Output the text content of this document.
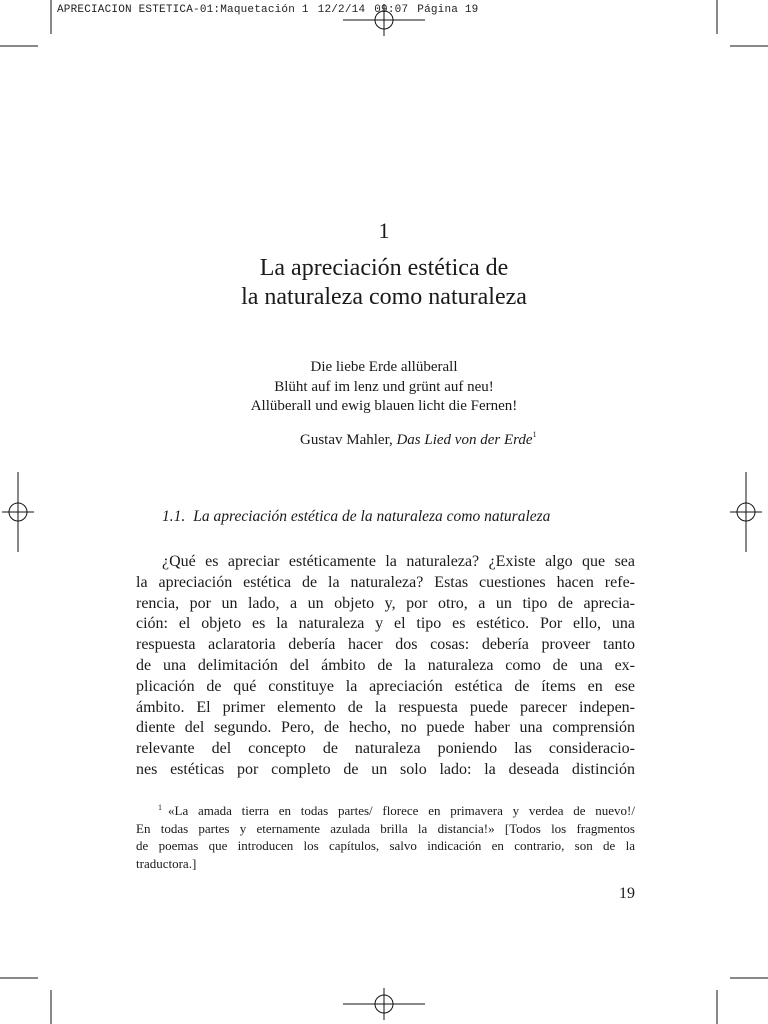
APRECIACION ESTETICA-01:Maquetación 1 12/2/14 09:07 Página 19
1
La apreciación estética de
la naturaleza como naturaleza
Die liebe Erde allüberall
Blüht auf im lenz und grünt auf neu!
Allüberall und ewig blauen licht die Fernen!
Gustav Mahler, Das Lied von der Erde$^1$
1.1. La apreciación estética de la naturaleza como naturaleza
¿Qué es apreciar estéticamente la naturaleza? ¿Existe algo que sea
la apreciación estética de la naturaleza? Estas cuestiones hacen refe-
rencia, por un lado, a un objeto y, por otro, a un tipo de aprecia-
ción: el objeto es la naturaleza y el tipo es estético. Por ello, una
respuesta aclaratoria debería hacer dos cosas: debería proveer tanto
de una delimitación del ámbito de la naturaleza como de una ex-
plicación de qué constituye la apreciación estética de ítems en ese
ámbito. El primer elemento de la respuesta puede parecer indepen-
diente del segundo. Pero, de hecho, no puede haber una comprensión
relevante del concepto de naturaleza poniendo las consideracio-
nes estéticas por completo de un solo lado: la deseada distinción
$^1$ «La amada tierra en todas partes/ florece en primavera y verdea de nuevo!/
En todas partes y eternamente azulada brilla la distancia!» [Todos los fragmentos
de poemas que introducen los capítulos, salvo indicación en contrario, son de la
traductora.]
19
